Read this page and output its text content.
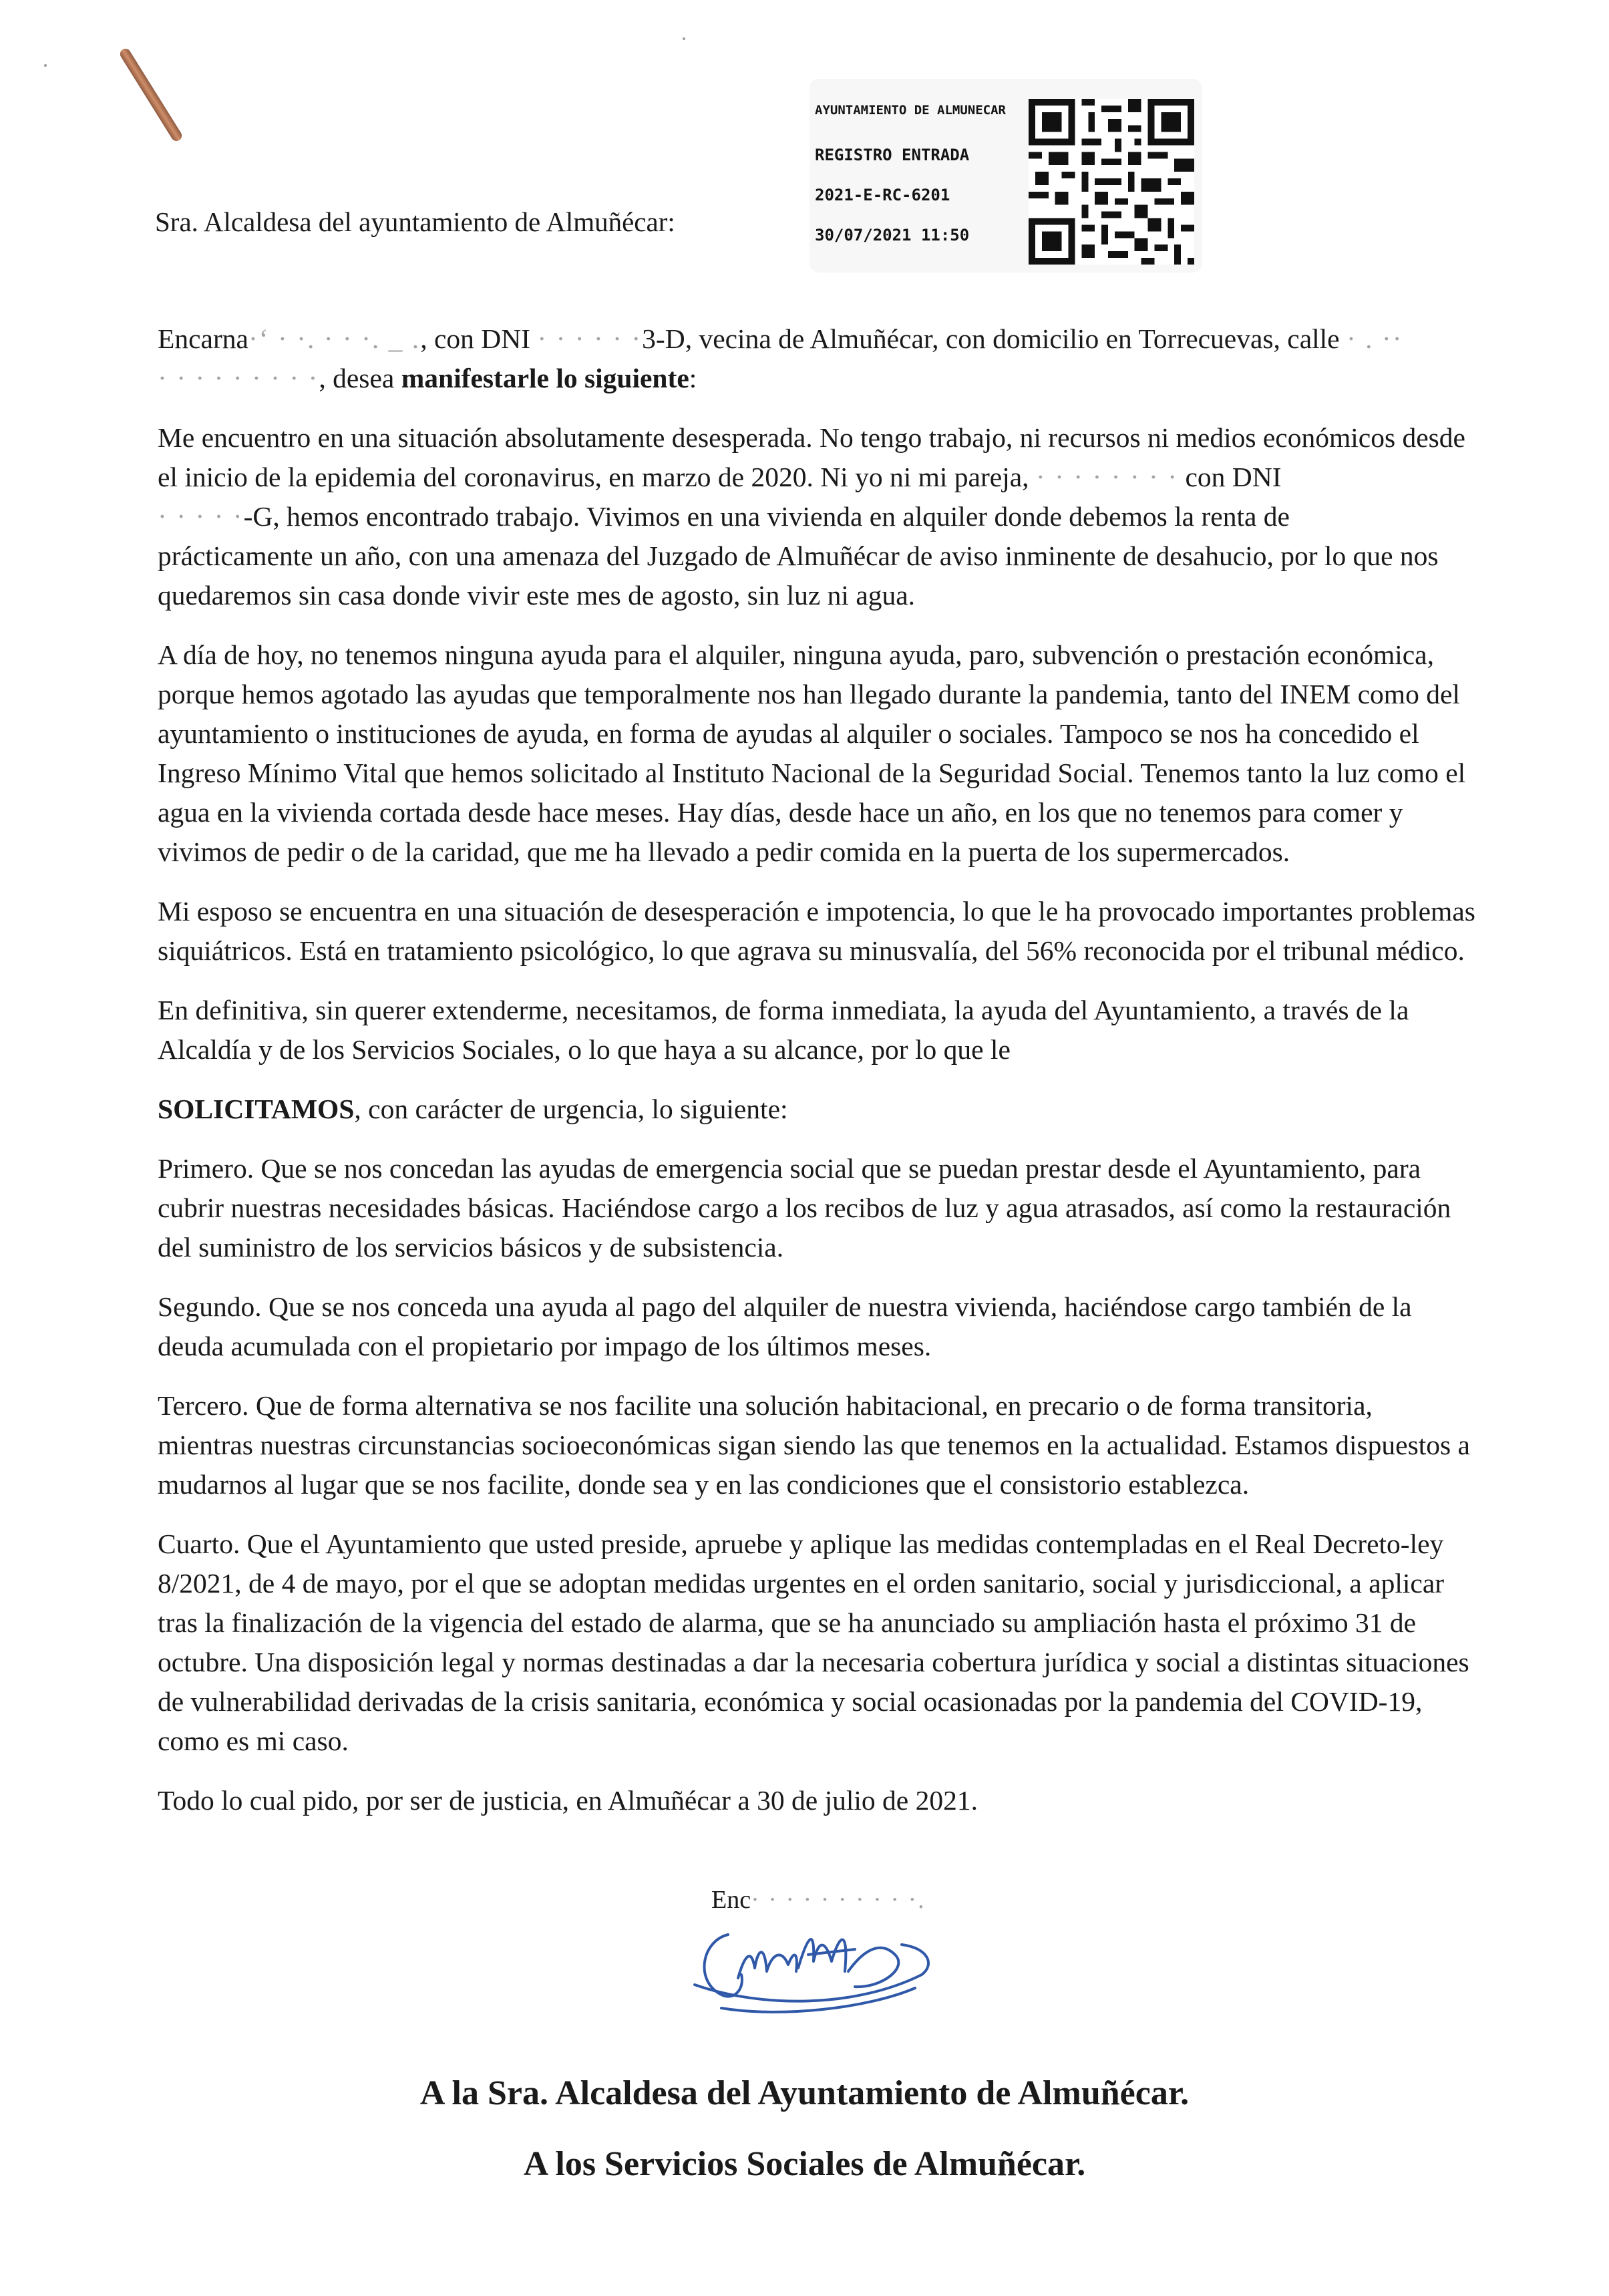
AYUNTAMIENTO DE ALMUNECAR
REGISTRO ENTRADA
2021-E-RC-6201
30/07/2021 11:50
Sra. Alcaldesa del ayuntamiento de Almuñécar:
Encarna·‘ · ·. · · ·. _ ., con DNI · · · · · ·3-D, vecina de Almuñécar, con domicilio en Torrecuevas, calle · . ··
· · · · · · · · ·, desea manifestarle lo siguiente:
Me encuentro en una situación absolutamente desesperada. No tengo trabajo, ni recursos ni medios económicos desde
el inicio de la epidemia del coronavirus, en marzo de 2020. Ni yo ni mi pareja, · · · · · · · · con DNI
· · · · ·-G, hemos encontrado trabajo. Vivimos en una vivienda en alquiler donde debemos la renta de
prácticamente un año, con una amenaza del Juzgado de Almuñécar de aviso inminente de desahucio, por lo que nos
quedaremos sin casa donde vivir este mes de agosto, sin luz ni agua.
A día de hoy, no tenemos ninguna ayuda para el alquiler, ninguna ayuda, paro, subvención o prestación económica,
porque hemos agotado las ayudas que temporalmente nos han llegado durante la pandemia, tanto del INEM como del
ayuntamiento o instituciones de ayuda, en forma de ayudas al alquiler o sociales. Tampoco se nos ha concedido el
Ingreso Mínimo Vital que hemos solicitado al Instituto Nacional de la Seguridad Social. Tenemos tanto la luz como el
agua en la vivienda cortada desde hace meses. Hay días, desde hace un año, en los que no tenemos para comer y
vivimos de pedir o de la caridad, que me ha llevado a pedir comida en la puerta de los supermercados.
Mi esposo se encuentra en una situación de desesperación e impotencia, lo que le ha provocado importantes problemas
siquiátricos. Está en tratamiento psicológico, lo que agrava su minusvalía, del 56% reconocida por el tribunal médico.
En definitiva, sin querer extenderme, necesitamos, de forma inmediata, la ayuda del Ayuntamiento, a través de la
Alcaldía y de los Servicios Sociales, o lo que haya a su alcance, por lo que le
SOLICITAMOS, con carácter de urgencia, lo siguiente:
Primero. Que se nos concedan las ayudas de emergencia social que se puedan prestar desde el Ayuntamiento, para
cubrir nuestras necesidades básicas. Haciéndose cargo a los recibos de luz y agua atrasados, así como la restauración
del suministro de los servicios básicos y de subsistencia.
Segundo. Que se nos conceda una ayuda al pago del alquiler de nuestra vivienda, haciéndose cargo también de la
deuda acumulada con el propietario por impago de los últimos meses.
Tercero. Que de forma alternativa se nos facilite una solución habitacional, en precario o de forma transitoria,
mientras nuestras circunstancias socioeconómicas sigan siendo las que tenemos en la actualidad. Estamos dispuestos a
mudarnos al lugar que se nos facilite, donde sea y en las condiciones que el consistorio establezca.
Cuarto. Que el Ayuntamiento que usted preside, apruebe y aplique las medidas contempladas en el Real Decreto-ley
8/2021, de 4 de mayo, por el que se adoptan medidas urgentes en el orden sanitario, social y jurisdiccional, a aplicar
tras la finalización de la vigencia del estado de alarma, que se ha anunciado su ampliación hasta el próximo 31 de
octubre. Una disposición legal y normas destinadas a dar la necesaria cobertura jurídica y social a distintas situaciones
de vulnerabilidad derivadas de la crisis sanitaria, económica y social ocasionadas por la pandemia del COVID-19,
como es mi caso.
Todo lo cual pido, por ser de justicia, en Almuñécar a 30 de julio de 2021.
Enc· · · · · · · · · ·.
A la Sra. Alcaldesa del Ayuntamiento de Almuñécar.
A los Servicios Sociales de Almuñécar.
